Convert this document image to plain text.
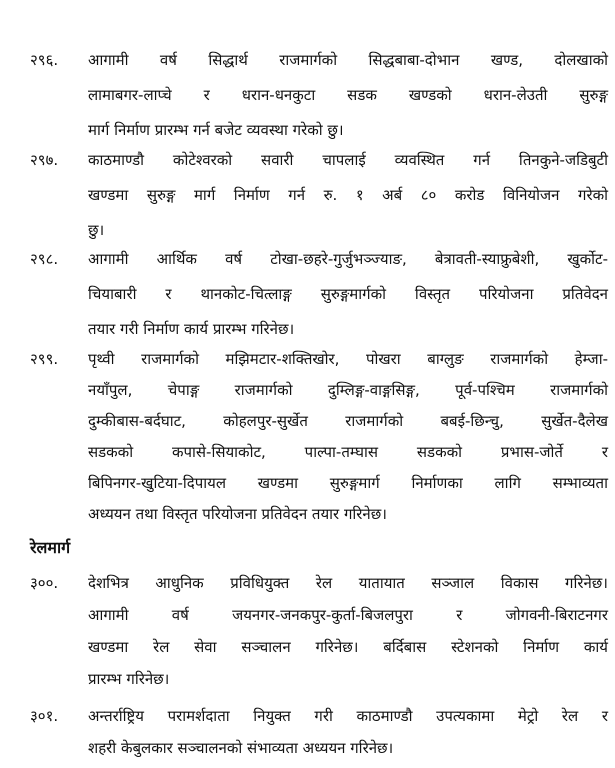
२९६.	आगामी वर्ष सिद्धार्थ राजमार्गको सिद्धबाबा-दोभान खण्ड, दोलखाको
लामाबगर-लाप्चे र धरान-धनकुटा सडक खण्डको धरान-लेउती सुरुङ्ग
मार्ग निर्माण प्रारम्भ गर्न बजेट व्यवस्था गरेको छु।
२९७.	काठमाण्डौ कोटेश्वरको सवारी चापलाई व्यवस्थित गर्न तिनकुने-जडिबुटी
खण्डमा सुरुङ्ग मार्ग निर्माण गर्न रु. १ अर्ब ८० करोड विनियोजन गरेको
छु।
२९८.	आगामी आर्थिक वर्ष टोखा-छहरे-गुर्जुभञ्ज्याङ, बेत्रावती-स्याफ्रुबेशी, खुर्कोट-
चियाबारी र थानकोट-चित्लाङ्ग सुरुङ्गमार्गको विस्तृत परियोजना प्रतिवेदन
तयार गरी निर्माण कार्य प्रारम्भ गरिनेछ।
२९९.	पृथ्वी राजमार्गको मझिमटार-शक्तिखोर, पोखरा बाग्लुङ राजमार्गको हेम्जा-
नयाँपुल, चेपाङ्ग राजमार्गको दुम्लिङ्ग-वाङ्गसिङ्ग, पूर्व-पश्चिम राजमार्गको
दुम्कीबास-बर्दघाट, कोहलपुर-सुर्खेत राजमार्गको बबई-छिन्चु, सुर्खेत-दैलेख
सडकको कपासे-सियाकोट, पाल्पा-तम्घास सडकको प्रभास-जोर्ते र
बिपिनगर-खुटिया-दिपायल खण्डमा सुरुङ्गमार्ग निर्माणका लागि सम्भाव्यता
अध्ययन तथा विस्तृत परियोजना प्रतिवेदन तयार गरिनेछ।
रेलमार्ग
३००.	देशभित्र आधुनिक प्रविधियुक्त रेल यातायात सञ्जाल विकास गरिनेछ।
आगामी वर्ष जयनगर-जनकपुर-कुर्ता-बिजलपुरा र जोगवनी-बिराटनगर
खण्डमा रेल सेवा सञ्चालन गरिनेछ। बर्दिबास स्टेशनको निर्माण कार्य
प्रारम्भ गरिनेछ।
३०१.	अन्तर्राष्ट्रिय परामर्शदाता नियुक्त गरी काठमाण्डौ उपत्यकामा मेट्रो रेल र
शहरी केबुलकार सञ्चालनको संभाव्यता अध्ययन गरिनेछ।
